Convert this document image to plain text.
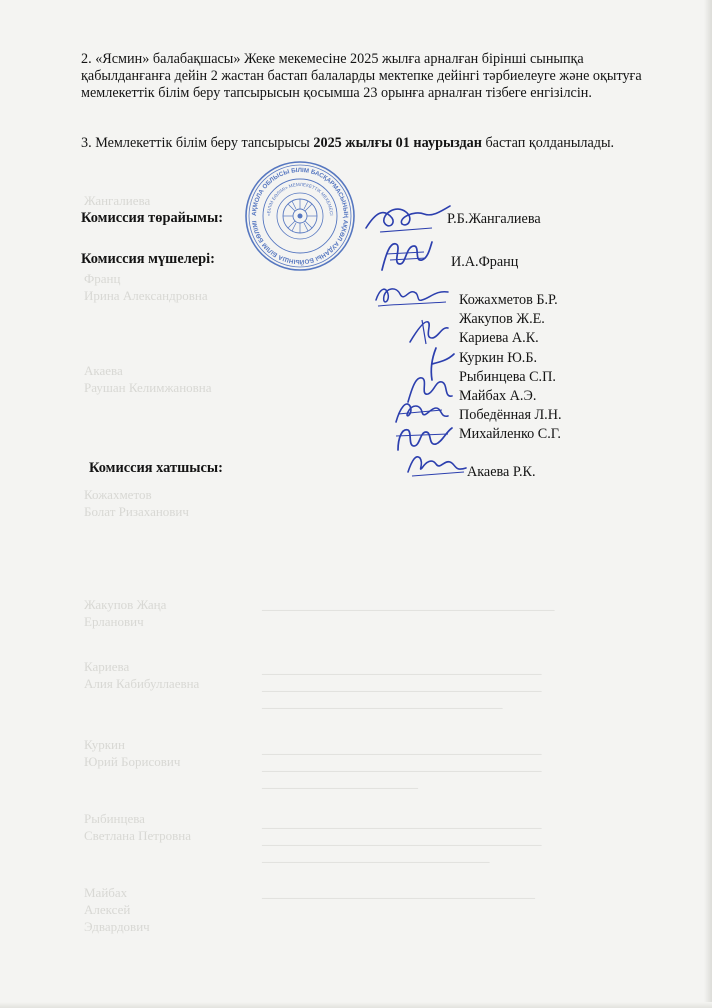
Жангалиева
Франц
Ирина Александровна
Акаева
Раушан Келимжановна
Кожахметов
Болат Ризаханович
Жакупов Жаңа
Ерланович
Кариева
Алия Кабибуллаевна
Куркин
Юрий Борисович
Рыбинцева
Светлана Петровна
Майбах
Алексей
Эдвардович
_____________________________________________
___________________________________________
___________________________________________
_____________________________________
___________________________________________
___________________________________________
________________________
___________________________________________
___________________________________________
___________________________________
__________________________________________

2. «Ясмин» балабақшасы» Жеке мекемесіне 2025 жылға арналған бірінші сыныпқа қабылданғанға дейін 2 жастан бастап балаларды мектепке дейінгі тәрбиелеуге және оқытуға мемлекеттік білім беру тапсырысын қосымша 23 орынға арналған тізбеге енгізілсін.

3. Мемлекеттік білім беру тапсырысы 2025 жылғы 01 наурыздан бастап қолданылады.

АҚМОЛА ОБЛЫСЫ БІЛІМ БАСҚАРМАСЫНЫҢ АҚКӨЛ АУДАНЫ БОЙЫНША БІЛІМ БӨЛІМІ
«БІЛІМ БӨЛІМІ» МЕМЛЕКЕТТІК МЕКЕМЕСІ
Комиссия төрайымы:	Р.Б.Жангалиева
Комиссия мүшелері:	И.А.Франц
Кожахметов Б.Р.
Жакупов Ж.Е.
Кариева А.К.
Куркин Ю.Б.
Рыбинцева С.П.
Майбах А.Э.
Победённая Л.Н.
Михайленко С.Г.
Комиссия хатшысы:	Акаева Р.К.
